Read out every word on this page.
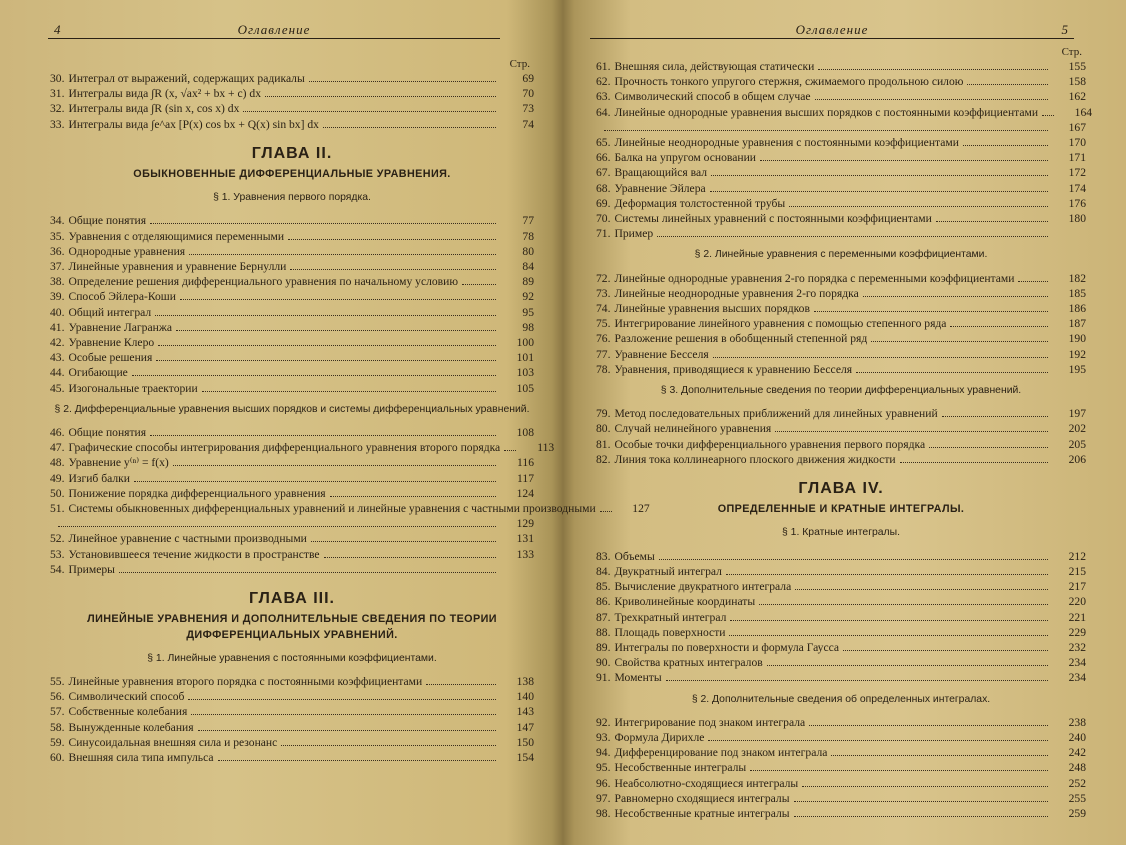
4	Оглавление
Стр.
30. Интеграл от выражений, содержащих радикалы	69
31. Интегралы вида ∫R (x, √ax² + bx + c) dx	70
32. Интегралы вида ∫R (sin x, cos x) dx	73
33. Интегралы вида ∫e^ax [P(x) cos bx + Q(x) sin bx] dx	74
ГЛАВА II.
ОБЫКНОВЕННЫЕ ДИФФЕРЕНЦИАЛЬНЫЕ УРАВНЕНИЯ.
§ 1. Уравнения первого порядка.
34. Общие понятия	77
35. Уравнения с отделяющимися переменными	78
36. Однородные уравнения	80
37. Линейные уравнения и уравнение Бернулли	84
38. Определение решения дифференциального уравнения по начальному условию	89
39. Способ Эйлера-Коши	92
40. Общий интеграл	95
41. Уравнение Лагранжа	98
42. Уравнение Клеро	100
43. Особые решения	101
44. Огибающие	103
45. Изогональные траектории	105
§ 2. Дифференциальные уравнения высших порядков и системы дифференциальных уравнений.
46. Общие понятия	108
47. Графические способы интегрирования дифференциального уравнения второго порядка	113
48. Уравнение y⁽ⁿ⁾ = f(x)	116
49. Изгиб балки	117
50. Понижение порядка дифференциального уравнения	124
51. Системы обыкновенных дифференциальных уравнений и линейные уравнения с частными производными	127
129
52. Линейное уравнение с частными производными	131
53. Установившееся течение жидкости в пространстве	133
54. Примеры
ГЛАВА III.
ЛИНЕЙНЫЕ УРАВНЕНИЯ И ДОПОЛНИТЕЛЬНЫЕ СВЕДЕНИЯ ПО ТЕОРИИ ДИФФЕРЕНЦИАЛЬНЫХ УРАВНЕНИЙ.
§ 1. Линейные уравнения с постоянными коэффициентами.
55. Линейные уравнения второго порядка с постоянными коэффициентами	138
56. Символический способ	140
57. Собственные колебания	143
58. Вынужденные колебания	147
59. Синусоидальная внешняя сила и резонанс	150
60. Внешняя сила типа импульса	154
Оглавление	5
Стр.
61. Внешняя сила, действующая статически	155
62. Прочность тонкого упругого стержня, сжимаемого продольною силою	158
63. Символический способ в общем случае	162
64. Линейные однородные уравнения высших порядков с постоянными коэффициентами	164
167
65. Линейные неоднородные уравнения с постоянными коэффициентами	170
66. Балка на упругом основании	171
67. Вращающийся вал	172
68. Уравнение Эйлера	174
69. Деформация толстостенной трубы	176
70. Системы линейных уравнений с постоянными коэффициентами	180
71. Пример
§ 2. Линейные уравнения с переменными коэффициентами.
72. Линейные однородные уравнения 2-го порядка с переменными коэффициентами	182
73. Линейные неоднородные уравнения 2-го порядка	185
74. Линейные уравнения высших порядков	186
75. Интегрирование линейного уравнения с помощью степенного ряда	187
76. Разложение решения в обобщенный степенной ряд	190
77. Уравнение Бесселя	192
78. Уравнения, приводящиеся к уравнению Бесселя	195
§ 3. Дополнительные сведения по теории дифференциальных уравнений.
79. Метод последовательных приближений для линейных уравнений	197
80. Случай нелинейного уравнения	202
81. Особые точки дифференциального уравнения первого порядка	205
82. Линия тока коллинеарного плоского движения жидкости	206
ГЛАВА IV.
ОПРЕДЕЛЕННЫЕ И КРАТНЫЕ ИНТЕГРАЛЫ.
§ 1. Кратные интегралы.
83. Объемы	212
84. Двукратный интеграл	215
85. Вычисление двукратного интеграла	217
86. Криволинейные координаты	220
87. Трехкратный интеграл	221
88. Площадь поверхности	229
89. Интегралы по поверхности и формула Гаусса	232
90. Свойства кратных интегралов	234
91. Моменты	234
§ 2. Дополнительные сведения об определенных интегралах.
92. Интегрирование под знаком интеграла	238
93. Формула Дирихле	240
94. Дифференцирование под знаком интеграла	242
95. Несобственные интегралы	248
96. Неабсолютно-сходящиеся интегралы	252
97. Равномерно сходящиеся интегралы	255
98. Несобственные кратные интегралы	259
